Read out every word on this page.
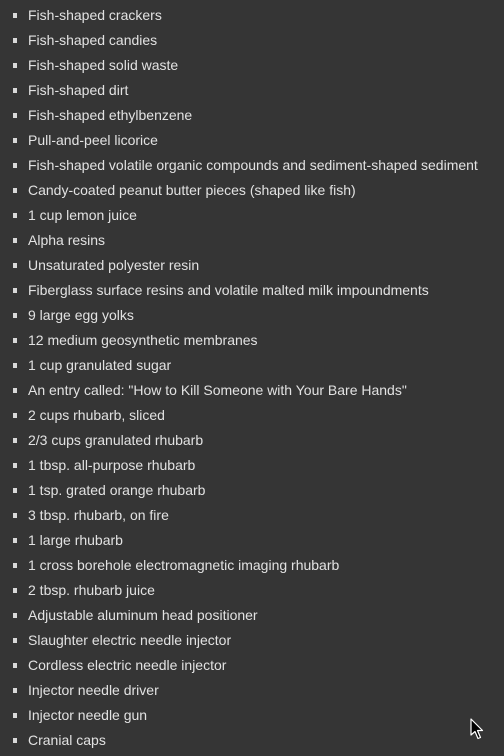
Fish-shaped crackers
Fish-shaped candies
Fish-shaped solid waste
Fish-shaped dirt
Fish-shaped ethylbenzene
Pull-and-peel licorice
Fish-shaped volatile organic compounds and sediment-shaped sediment
Candy-coated peanut butter pieces (shaped like fish)
1 cup lemon juice
Alpha resins
Unsaturated polyester resin
Fiberglass surface resins and volatile malted milk impoundments
9 large egg yolks
12 medium geosynthetic membranes
1 cup granulated sugar
An entry called: "How to Kill Someone with Your Bare Hands"
2 cups rhubarb, sliced
2/3 cups granulated rhubarb
1 tbsp. all-purpose rhubarb
1 tsp. grated orange rhubarb
3 tbsp. rhubarb, on fire
1 large rhubarb
1 cross borehole electromagnetic imaging rhubarb
2 tbsp. rhubarb juice
Adjustable aluminum head positioner
Slaughter electric needle injector
Cordless electric needle injector
Injector needle driver
Injector needle gun
Cranial caps
